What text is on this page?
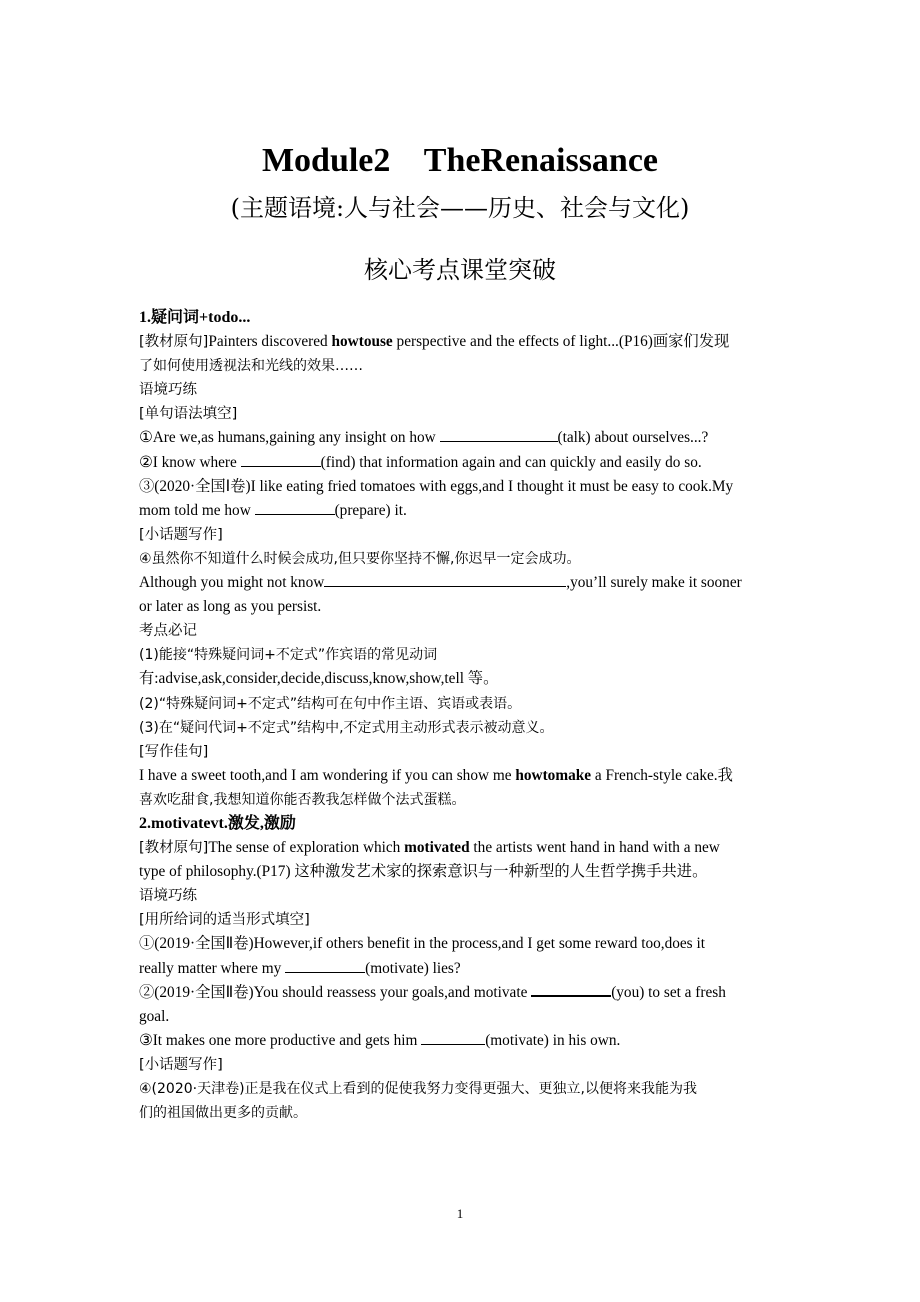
Module2    TheRenaissance
(主题语境:人与社会——历史、社会与文化)
核心考点课堂突破
1.疑问词+todo...
[教材原句]Painters discovered howtouse perspective and the effects of light...(P16)画家们发现
了如何使用透视法和光线的效果……
语境巧练
[单句语法填空]
①Are we,as humans,gaining any insight on how	(talk) about ourselves...?
②I know where	(find) that information again and can quickly and easily do so.
③(2020·全国Ⅰ卷)I like eating fried tomatoes with eggs,and I thought it must be easy to cook.My
mom told me how	(prepare) it.
[小话题写作]
④虽然你不知道什么时候会成功,但只要你坚持不懈,你迟早一定会成功。
Although you might not know	,you’ll surely make it sooner
or later as long as you persist.
考点必记
(1)能接“特殊疑问词+不定式”作宾语的常见动词
有:advise,ask,consider,decide,discuss,know,show,tell 等。
(2)“特殊疑问词+不定式”结构可在句中作主语、宾语或表语。
(3)在“疑问代词+不定式”结构中,不定式用主动形式表示被动意义。
[写作佳句]
I have a sweet tooth,and I am wondering if you can show me howtomake a French-style cake.我
喜欢吃甜食,我想知道你能否教我怎样做个法式蛋糕。
2.motivatevt.激发,激励
[教材原句]The sense of exploration which motivated the artists went hand in hand with a new
type of philosophy.(P17) 这种激发艺术家的探索意识与一种新型的人生哲学携手共进。
语境巧练
[用所给词的适当形式填空]
①(2019·全国Ⅱ卷)However,if others benefit in the process,and I get some reward too,does it
really matter where my	(motivate) lies?
②(2019·全国Ⅱ卷)You should reassess your goals,and motivate	(you) to set a fresh
goal.
③It makes one more productive and gets him	(motivate) in his own.
[小话题写作]
④(2020·天津卷)正是我在仪式上看到的促使我努力变得更强大、更独立,以便将来我能为我
们的祖国做出更多的贡献。
1
